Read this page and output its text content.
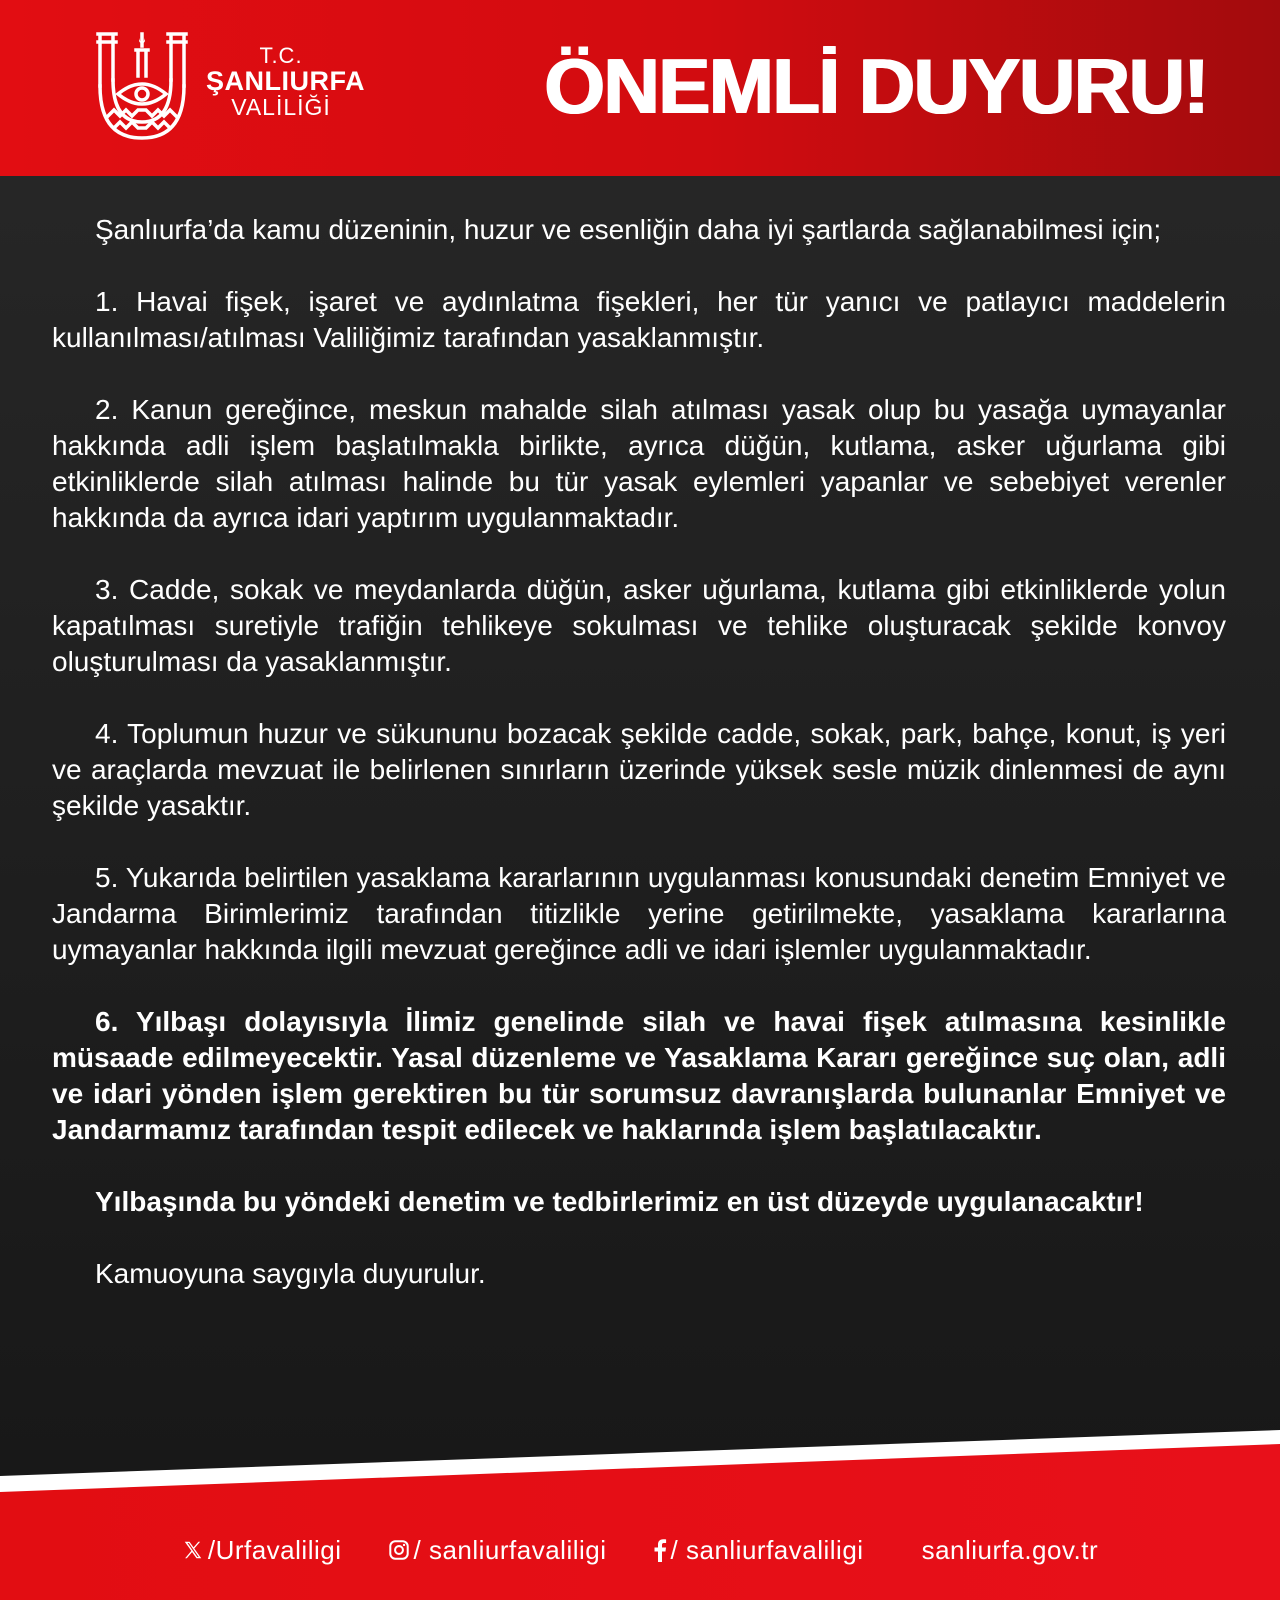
T.C.
ŞANLIURFA
VALİLİĞİ	ÖNEMLİ DUYURU!

Şanlıurfa’da kamu düzeninin, huzur ve esenliğin daha iyi şartlarda sağlanabilmesi için;

1. Havai fişek, işaret ve aydınlatma fişekleri, her tür yanıcı ve patlayıcı maddelerin kullanılması/atılması Valiliğimiz tarafından yasaklanmıştır.

2. Kanun gereğince, meskun mahalde silah atılması yasak olup bu yasağa uymayanlar hakkında adli işlem başlatılmakla birlikte, ayrıca düğün, kutlama, asker uğurlama gibi etkinliklerde silah atılması halinde bu tür yasak eylemleri yapanlar ve sebebiyet verenler hakkında da ayrıca idari yaptırım uygulanmaktadır.

3. Cadde, sokak ve meydanlarda düğün, asker uğurlama, kutlama gibi etkinliklerde yolun kapatılması suretiyle trafiğin tehlikeye sokulması ve tehlike oluşturacak şekilde konvoy oluşturulması da yasaklanmıştır.

4. Toplumun huzur ve sükununu bozacak şekilde cadde, sokak, park, bahçe, konut, iş yeri ve araçlarda mevzuat ile belirlenen sınırların üzerinde yüksek sesle müzik dinlenmesi de aynı şekilde yasaktır.

5. Yukarıda belirtilen yasaklama kararlarının uygulanması konusundaki denetim Emniyet ve Jandarma Birimlerimiz tarafından titizlikle yerine getirilmekte, yasaklama kararlarına uymayanlar hakkında ilgili mevzuat gereğince adli ve idari işlemler uygulanmaktadır.

6. Yılbaşı dolayısıyla İlimiz genelinde silah ve havai fişek atılmasına kesinlikle müsaade edilmeyecektir. Yasal düzenleme ve Yasaklama Kararı gereğince suç olan, adli ve idari yönden işlem gerektiren bu tür sorumsuz davranışlarda bulunanlar Emniyet ve Jandarmamız tarafından tespit edilecek ve haklarında işlem başlatılacaktır.

Yılbaşında bu yöndeki denetim ve tedbirlerimiz en üst düzeyde uygulanacaktır!

Kamuoyuna saygıyla duyurulur.

/Urfavaliligi	/ sanliurfavaliligi / sanliurfavaliligi sanliurfa.gov.tr
